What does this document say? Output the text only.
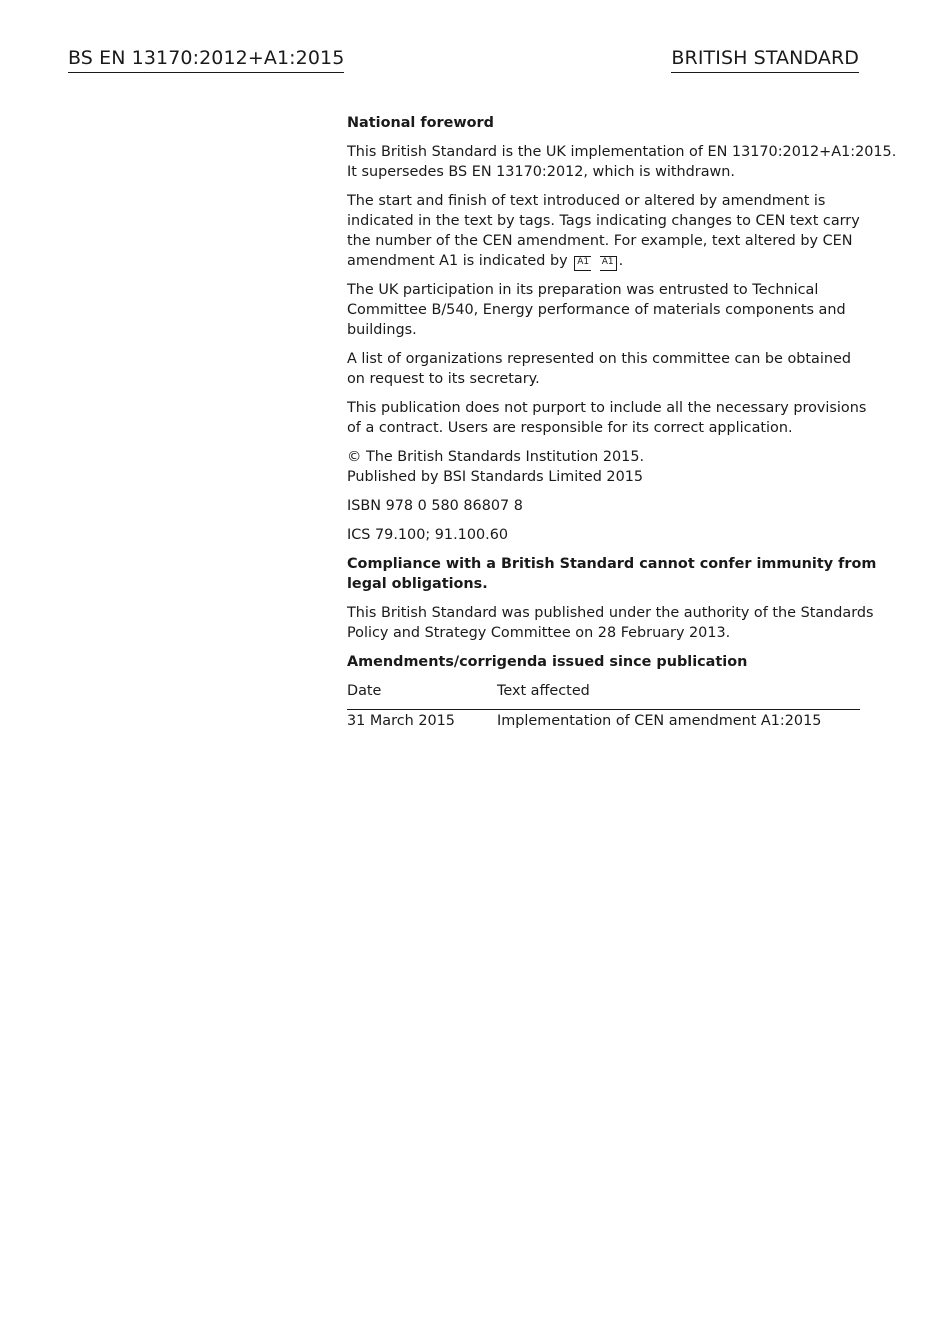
BS EN 13170:2012+A1:2015	BRITISH STANDARD
National foreword

This British Standard is the UK implementation of EN 13170:2012+A1:2015.
It supersedes BS EN 13170:2012, which is withdrawn.

The start and finish of text introduced or altered by amendment is
indicated in the text by tags. Tags indicating changes to CEN text carry
the number of the CEN amendment. For example, text altered by CEN
amendment A1 is indicated by A1 A1 .

The UK participation in its preparation was entrusted to Technical
Committee B/540, Energy performance of materials components and
buildings.

A list of organizations represented on this committee can be obtained
on request to its secretary.

This publication does not purport to include all the necessary provisions
of a contract. Users are responsible for its correct application.

© The British Standards Institution 2015.
Published by BSI Standards Limited 2015

ISBN 978 0 580 86807 8

ICS 79.100; 91.100.60

Compliance with a British Standard cannot confer immunity from
legal obligations.

This British Standard was published under the authority of the Standards
Policy and Strategy Committee on 28 February 2013.

Amendments/corrigenda issued since publication
Date	Text affected
31 March 2015	Implementation of CEN amendment A1:2015
